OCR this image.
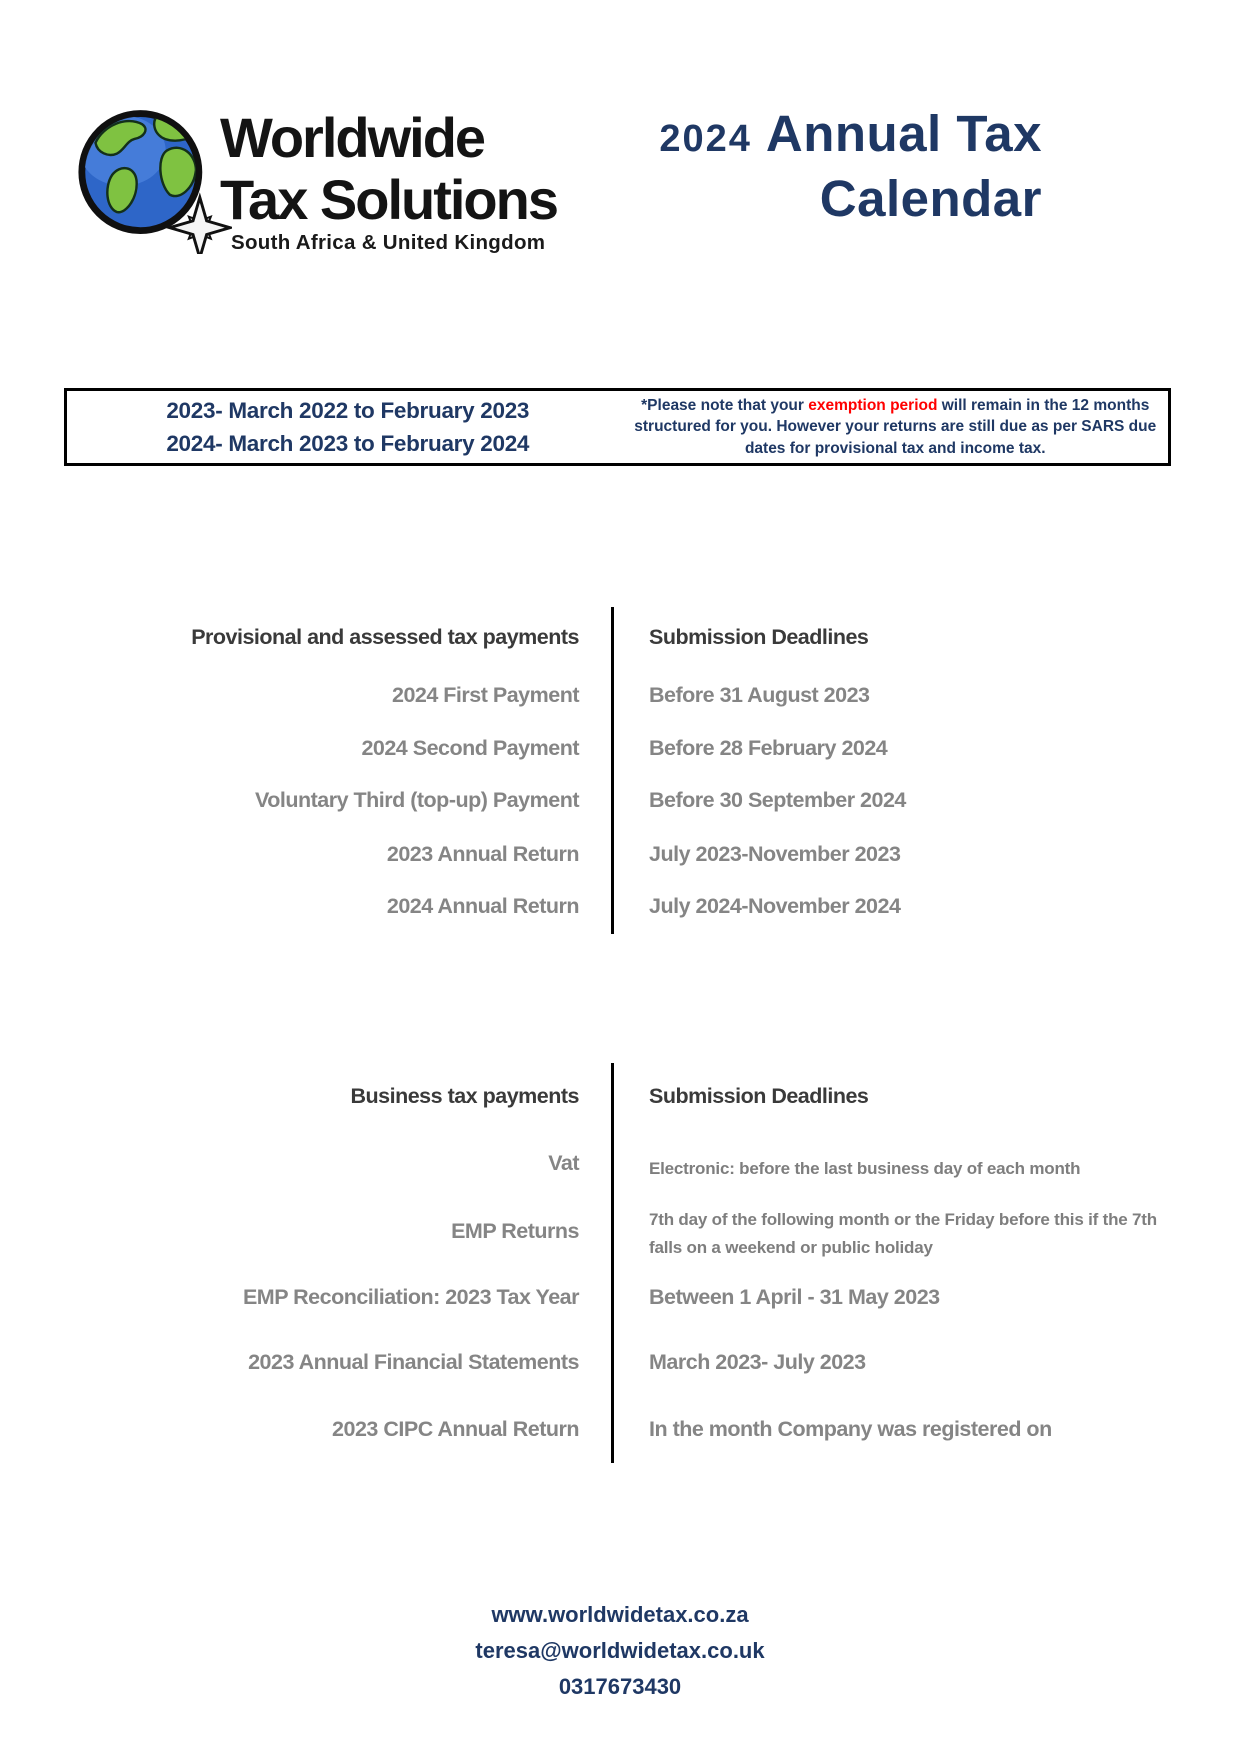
Worldwide
Tax Solutions
South Africa & United Kingdom
2024 Annual Tax
Calendar
2023- March 2022 to February 2023
2024- March 2023 to February 2024
*Please note that your exemption period will remain in the 12 months structured for you. However your returns are still due as per SARS due dates for provisional tax and income tax.
Provisional and assessed tax payments	Submission Deadlines
2024 First Payment	Before 31 August 2023
2024 Second Payment	Before 28 February 2024
Voluntary Third (top-up) Payment	Before 30 September 2024
2023 Annual Return	July 2023-November 2023
2024 Annual Return	July 2024-November 2024
Business tax payments	Submission Deadlines
Vat	Electronic: before the last business day of each month
EMP Returns	7th day of the following month or the Friday before this if the 7th falls on a weekend or public holiday
EMP Reconciliation: 2023 Tax Year	Between 1 April - 31 May 2023
2023 Annual Financial Statements	March 2023- July 2023
2023 CIPC Annual Return	In the month Company was registered on
www.worldwidetax.co.za
teresa@worldwidetax.co.uk
0317673430
